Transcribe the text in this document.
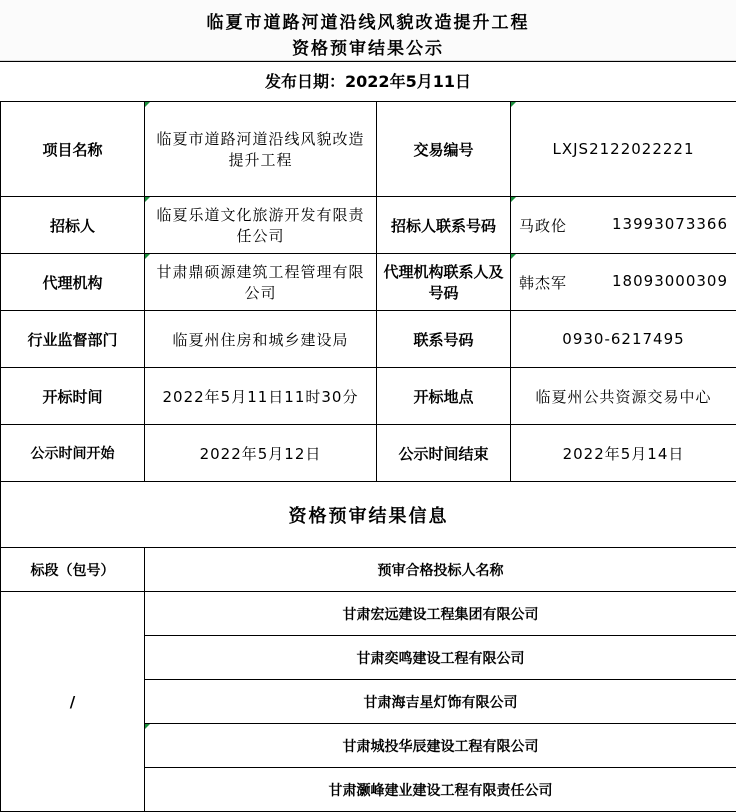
临夏市道路河道沿线风貌改造提升工程
资格预审结果公示
发布日期：2022年5月11日
项目名称	临夏市道路河道沿线风貌改造提升工程	交易编号	LXJS2122022221
招标人	临夏乐道文化旅游开发有限责任公司	招标人联系号码	马政伦 13993073366

代理机构	甘肃鼎硕源建筑工程管理有限公司	代理机构联系人及号码	韩杰军 18093000309

行业监督部门	临夏州住房和城乡建设局	联系号码	0930-6217495
开标时间	2022年5月11日11时30分	开标地点	临夏州公共资源交易中心
公示时间开始	2022年5月12日	公示时间结束	2022年5月14日
资格预审结果信息			
标段（包号）	预审合格投标人名称		
/	甘肃宏远建设工程集团有限公司		
	甘肃奕鸣建设工程有限公司		
	甘肃海吉星灯饰有限公司		
	甘肃城投华辰建设工程有限公司		
	甘肃灏峰建业建设工程有限责任公司		
